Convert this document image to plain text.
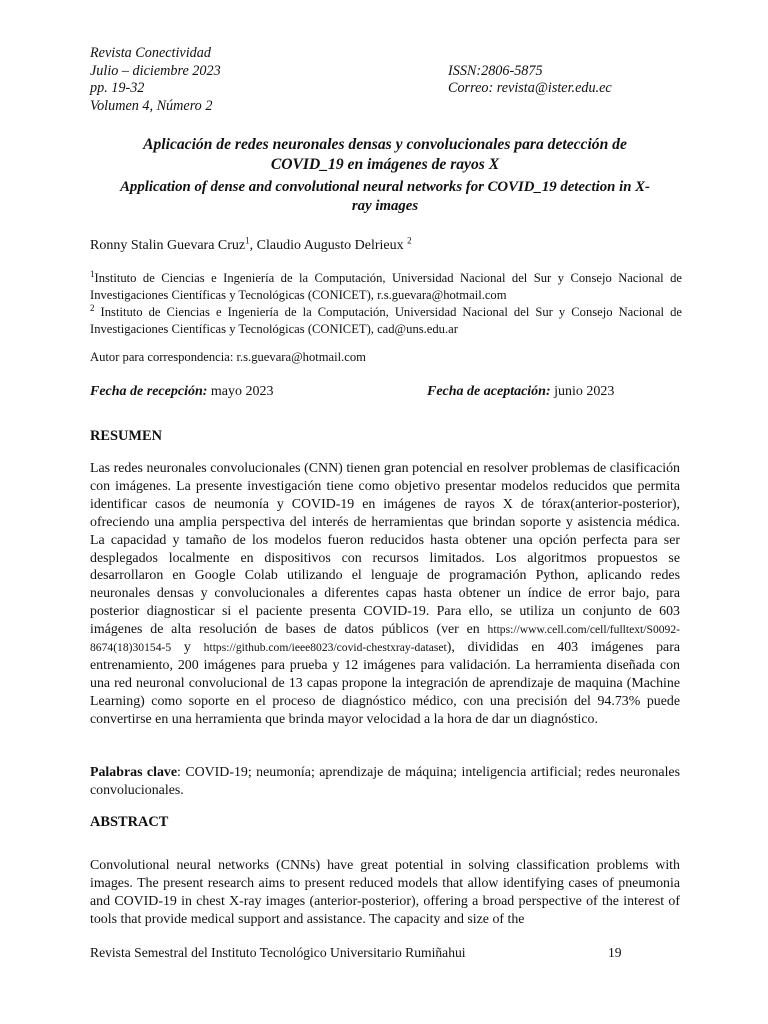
Revista Conectividad
Julio – diciembre 2023	ISSN:2806-5875
pp. 19-32	Correo: revista@ister.edu.ec
Volumen 4, Número 2
Aplicación de redes neuronales densas y convolucionales para detección de
COVID_19 en imágenes de rayos X
Application of dense and convolutional neural networks for COVID_19 detection in X-
ray images
Ronny Stalin Guevara Cruz$^1$, Claudio Augusto Delrieux $^2$
$^1$Instituto de Ciencias e Ingeniería de la Computación, Universidad Nacional del Sur y Consejo Nacional de Investigaciones Científicas y Tecnológicas (CONICET), r.s.guevara@hotmail.com
$^2$ Instituto de Ciencias e Ingeniería de la Computación, Universidad Nacional del Sur y Consejo Nacional de Investigaciones Científicas y Tecnológicas (CONICET), cad@uns.edu.ar
Autor para correspondencia: r.s.guevara@hotmail.com
Fecha de recepción: mayo 2023	Fecha de aceptación: junio 2023
RESUMEN
Las redes neuronales convolucionales (CNN) tienen gran potencial en resolver problemas de clasificación con imágenes. La presente investigación tiene como objetivo presentar modelos reducidos que permita identificar casos de neumonía y COVID-19 en imágenes de rayos X de tórax(anterior-posterior), ofreciendo una amplia perspectiva del interés de herramientas que brindan soporte y asistencia médica. La capacidad y tamaño de los modelos fueron reducidos hasta obtener una opción perfecta para ser desplegados localmente en dispositivos con recursos limitados. Los algoritmos propuestos se desarrollaron en Google Colab utilizando el lenguaje de programación Python, aplicando redes neuronales densas y convolucionales a diferentes capas hasta obtener un índice de error bajo, para posterior diagnosticar si el paciente presenta COVID-19. Para ello, se utiliza un conjunto de 603 imágenes de alta resolución de bases de datos públicos (ver en https://www.cell.com/cell/fulltext/S0092-8674(18)30154-5 y https://github.com/ieee8023/covid-chestxray-dataset), divididas en 403 imágenes para entrenamiento, 200 imágenes para prueba y 12 imágenes para validación. La herramienta diseñada con una red neuronal convolucional de 13 capas propone la integración de aprendizaje de maquina (Machine Learning) como soporte en el proceso de diagnóstico médico, con una precisión del 94.73% puede convertirse en una herramienta que brinda mayor velocidad a la hora de dar un diagnóstico.
Palabras clave: COVID-19; neumonía; aprendizaje de máquina; inteligencia artificial; redes neuronales convolucionales.
ABSTRACT
Convolutional neural networks (CNNs) have great potential in solving classification problems with images. The present research aims to present reduced models that allow identifying cases of pneumonia and COVID-19 in chest X-ray images (anterior-posterior), offering a broad perspective of the interest of tools that provide medical support and assistance. The capacity and size of the
Revista Semestral del Instituto Tecnológico Universitario Rumiñahui	19
